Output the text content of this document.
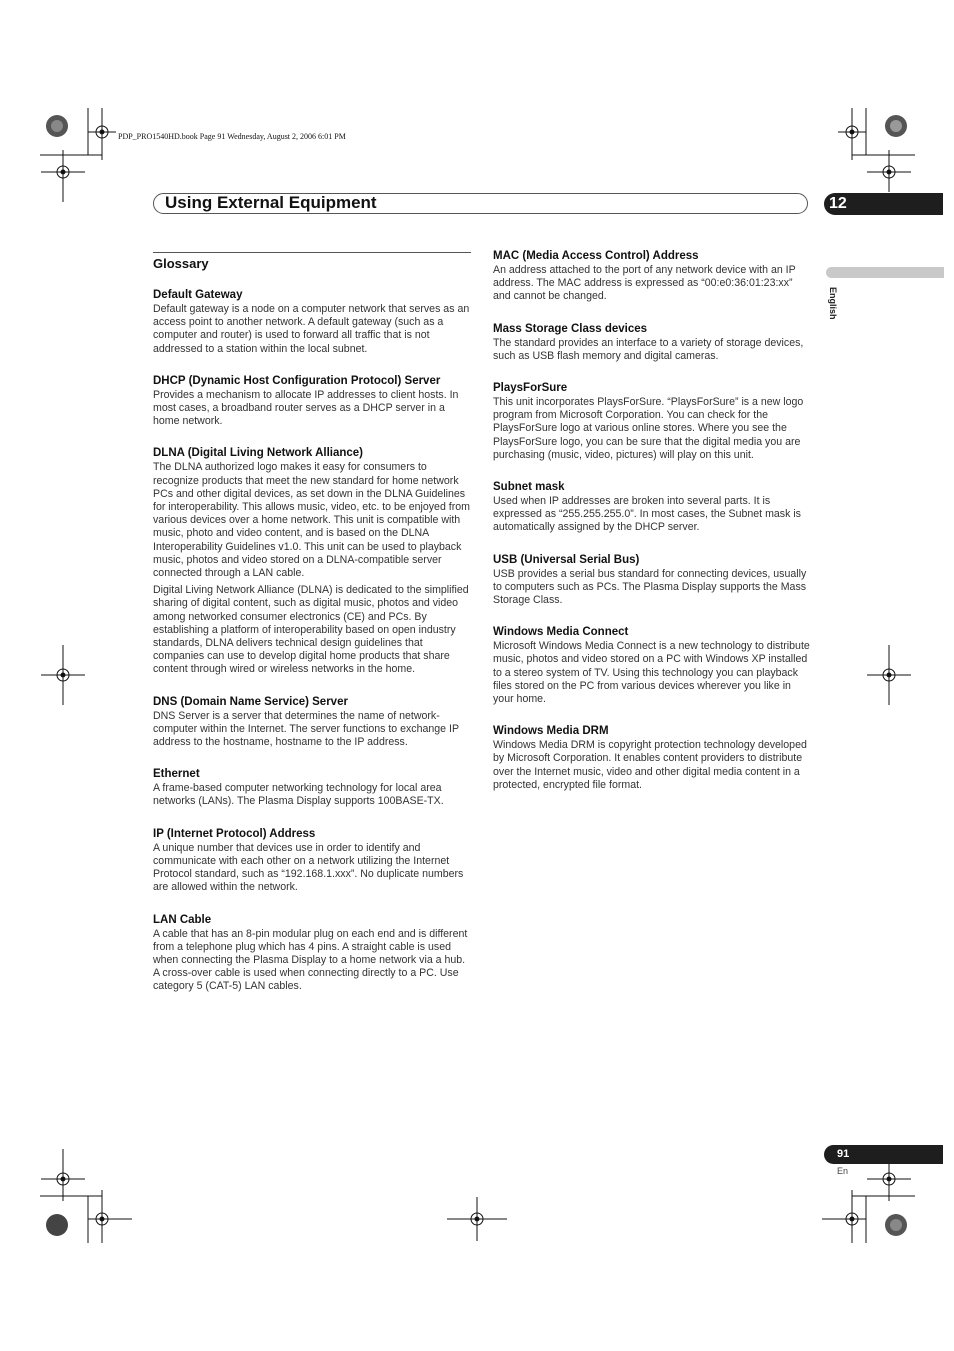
PDP_PRO1540HD.book Page 91 Wednesday, August 2, 2006 6:01 PM
Using External Equipment	12
English
Glossary
Default Gateway

Default gateway is a node on a computer network that serves as an access point to another network. A default gateway (such as a computer and router) is used to forward all traffic that is not addressed to a station within the local subnet.

DHCP (Dynamic Host Configuration Protocol) Server

Provides a mechanism to allocate IP addresses to client hosts. In most cases, a broadband router serves as a DHCP server in a home network.

DLNA (Digital Living Network Alliance)

The DLNA authorized logo makes it easy for consumers to recognize products that meet the new standard for home network PCs and other digital devices, as set down in the DLNA Guidelines for interoperability. This allows music, video, etc. to be enjoyed from various devices over a home network. This unit is compatible with music, photo and video content, and is based on the DLNA Interoperability Guidelines v1.0. This unit can be used to playback music, photos and video stored on a DLNA-compatible server connected through a LAN cable.

Digital Living Network Alliance (DLNA) is dedicated to the simplified sharing of digital content, such as digital music, photos and video among networked consumer electronics (CE) and PCs. By establishing a platform of interoperability based on open industry standards, DLNA delivers technical design guidelines that companies can use to develop digital home products that share content through wired or wireless networks in the home.

DNS (Domain Name Service) Server

DNS Server is a server that determines the name of network-computer within the Internet. The server functions to exchange IP address to the hostname, hostname to the IP address.

Ethernet

A frame-based computer networking technology for local area networks (LANs). The Plasma Display supports 100BASE-TX.

IP (Internet Protocol) Address

A unique number that devices use in order to identify and communicate with each other on a network utilizing the Internet Protocol standard, such as “192.168.1.xxx”. No duplicate numbers are allowed within the network.

LAN Cable

A cable that has an 8-pin modular plug on each end and is different from a telephone plug which has 4 pins. A straight cable is used when connecting the Plasma Display to a home network via a hub. A cross-over cable is used when connecting directly to a PC. Use category 5 (CAT-5) LAN cables.

MAC (Media Access Control) Address

An address attached to the port of any network device with an IP address. The MAC address is expressed as “00:e0:36:01:23:xx” and cannot be changed.

Mass Storage Class devices

The standard provides an interface to a variety of storage devices, such as USB flash memory and digital cameras.

PlaysForSure

This unit incorporates PlaysForSure. “PlaysForSure” is a new logo program from Microsoft Corporation. You can check for the PlaysForSure logo at various online stores. Where you see the PlaysForSure logo, you can be sure that the digital media you are purchasing (music, video, pictures) will play on this unit.

Subnet mask

Used when IP addresses are broken into several parts. It is expressed as “255.255.255.0”. In most cases, the Subnet mask is automatically assigned by the DHCP server.

USB (Universal Serial Bus)

USB provides a serial bus standard for connecting devices, usually to computers such as PCs. The Plasma Display supports the Mass Storage Class.

Windows Media Connect

Microsoft Windows Media Connect is a new technology to distribute music, photos and video stored on a PC with Windows XP installed to a stereo system of TV. Using this technology you can playback files stored on the PC from various devices wherever you like in your home.

Windows Media DRM

Windows Media DRM is copyright protection technology developed by Microsoft Corporation. It enables content providers to distribute over the Internet music, video and other digital media content in a protected, encrypted file format.

91
En
